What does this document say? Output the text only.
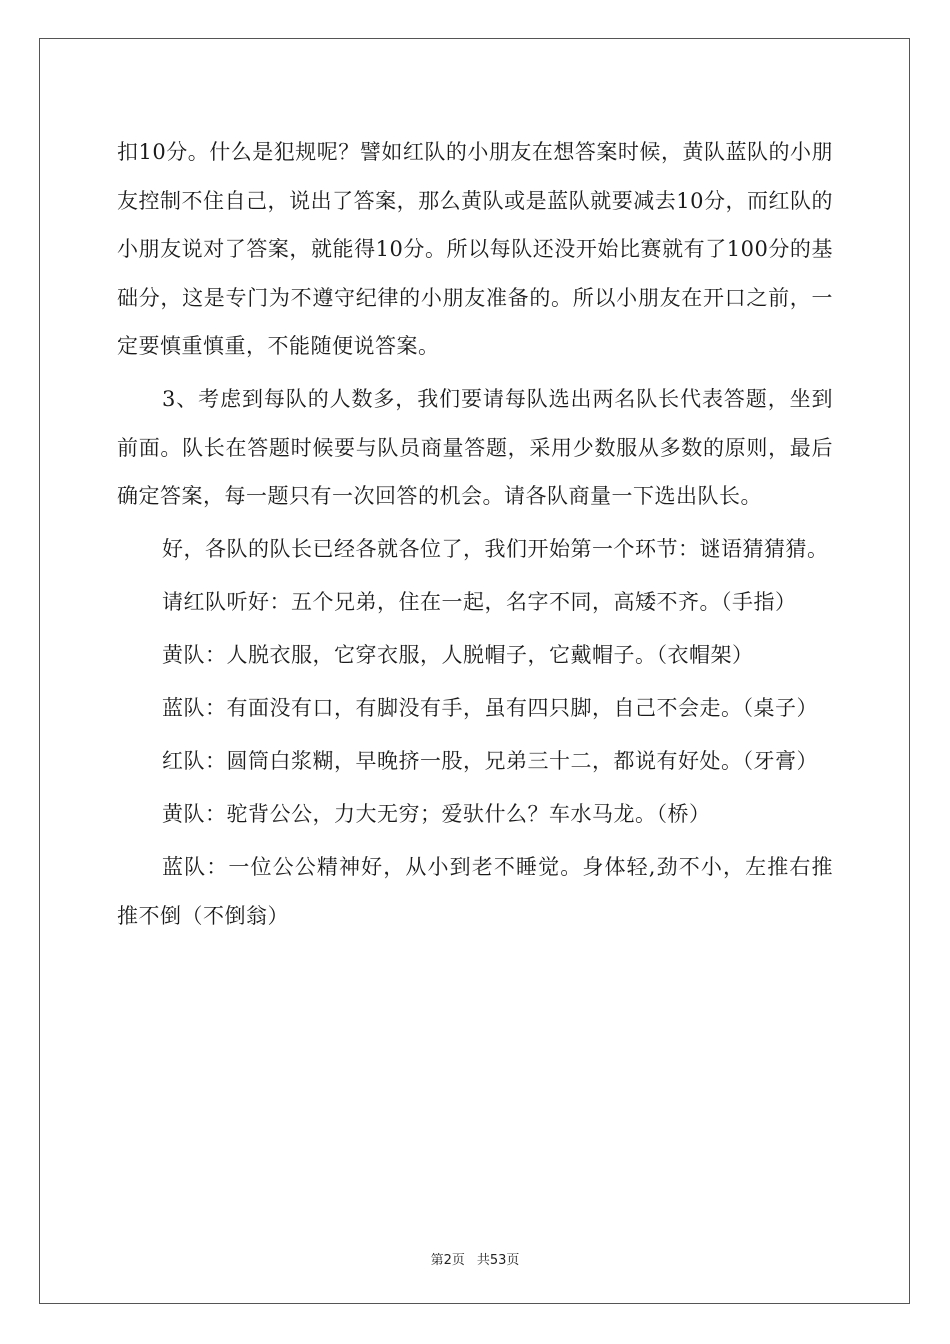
扣10分。什么是犯规呢？譬如红队的小朋友在想答案时候，黄队蓝队的小朋友控制不住自己，说出了答案，那么黄队或是蓝队就要减去10分，而红队的小朋友说对了答案，就能得10分。所以每队还没开始比赛就有了100分的基础分，这是专门为不遵守纪律的小朋友准备的。所以小朋友在开口之前，一定要慎重慎重，不能随便说答案。

3、考虑到每队的人数多，我们要请每队选出两名队长代表答题，坐到前面。队长在答题时候要与队员商量答题，采用少数服从多数的原则，最后确定答案，每一题只有一次回答的机会。请各队商量一下选出队长。

好，各队的队长已经各就各位了，我们开始第一个环节：谜语猜猜猜。

请红队听好：五个兄弟，住在一起，名字不同，高矮不齐。（手指）

黄队：人脱衣服，它穿衣服，人脱帽子，它戴帽子。（衣帽架）

蓝队：有面没有口，有脚没有手，虽有四只脚，自己不会走。（桌子）

红队：圆筒白浆糊，早晚挤一股，兄弟三十二，都说有好处。（牙膏）

黄队：驼背公公，力大无穷；爱驮什么？车水马龙。（桥）

蓝队：一位公公精神好，从小到老不睡觉。身体轻,劲不小，左推右推推不倒（不倒翁）

第2页 共53页
